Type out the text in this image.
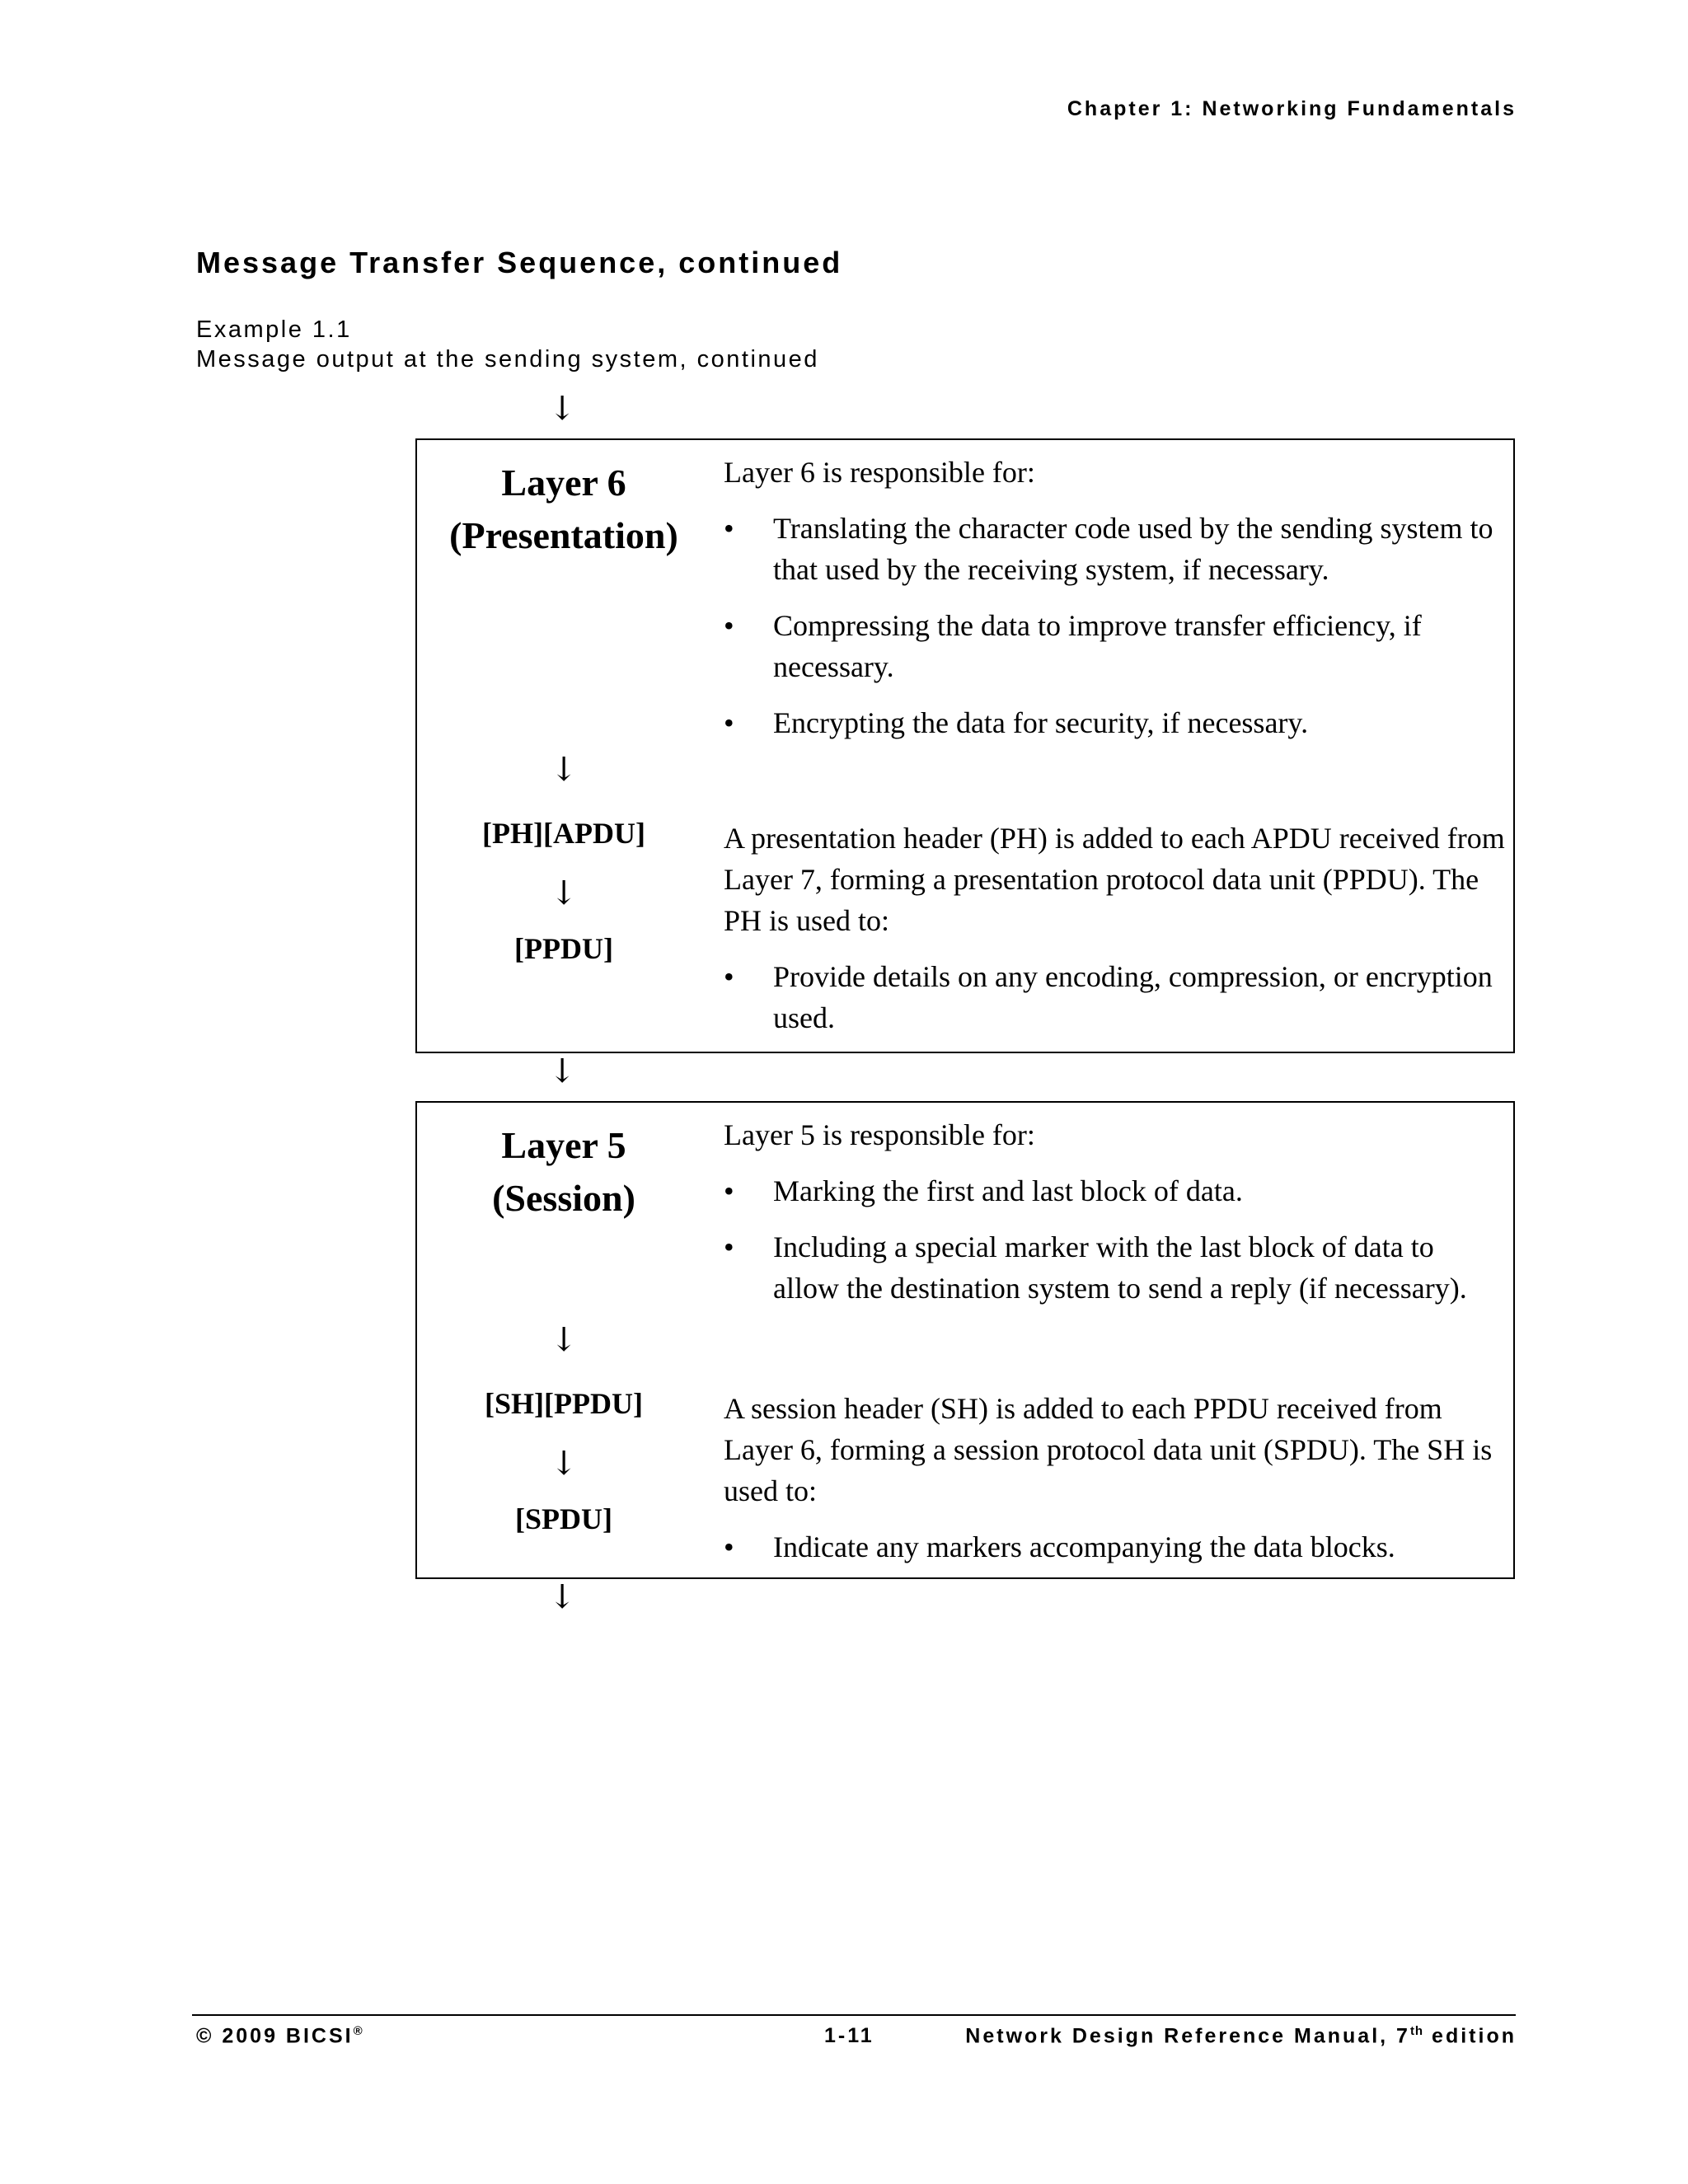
Chapter 1: Networking Fundamentals
Message Transfer Sequence, continued
Example 1.1
Message output at the sending system, continued
↓
Layer 6
(Presentation)
↓
[PH][APDU]
↓
[PPDU]

Layer 6 is responsible for:

• Translating the character code used by the sending system to that used by the receiving system, if necessary.
• Compressing the data to improve transfer efficiency, if necessary.
• Encrypting the data for security, if necessary.

A presentation header (PH) is added to each APDU received from Layer 7, forming a presentation protocol data unit (PPDU). The PH is used to:

• Provide details on any encoding, compression, or encryption used.
↓
Layer 5
(Session)
↓
[SH][PPDU]
↓
[SPDU]

Layer 5 is responsible for:

• Marking the first and last block of data.
• Including a special marker with the last block of data to allow the destination system to send a reply (if necessary).

A session header (SH) is added to each PPDU received from Layer 6, forming a session protocol data unit (SPDU). The SH is used to:

• Indicate any markers accompanying the data blocks.
↓
© 2009 BICSI®	1-11	Network Design Reference Manual, 7th edition
